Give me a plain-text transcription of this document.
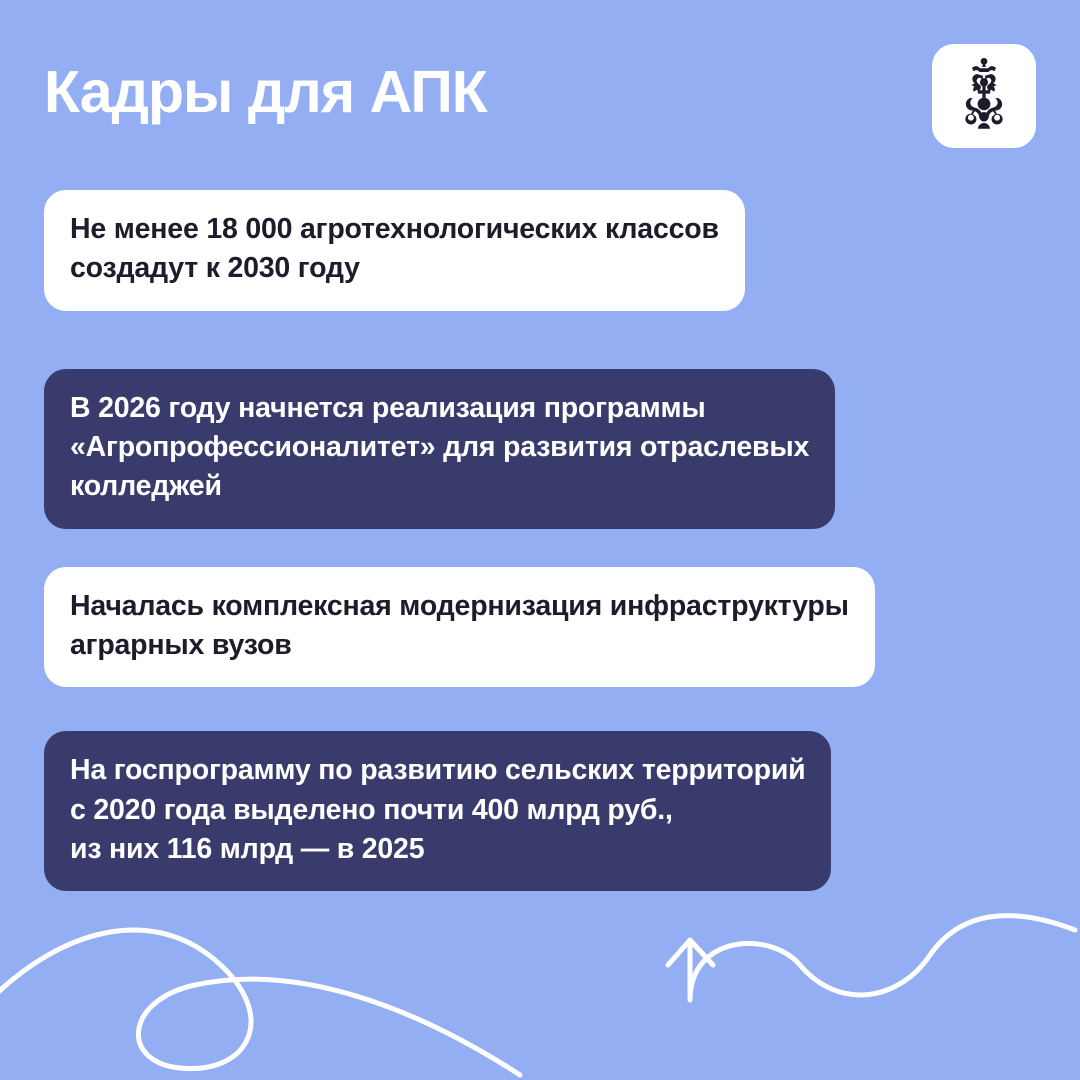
Кадры для АПК
Не менее 18 000 агротехнологических классов
создадут к 2030 году
В 2026 году начнется реализация программы
«Агропрофессионалитет» для развития отраслевых
колледжей
Началась комплексная модернизация инфраструктуры
аграрных вузов
На госпрограмму по развитию сельских территорий
с 2020 года выделено почти 400 млрд руб.,
из них 116 млрд — в 2025
